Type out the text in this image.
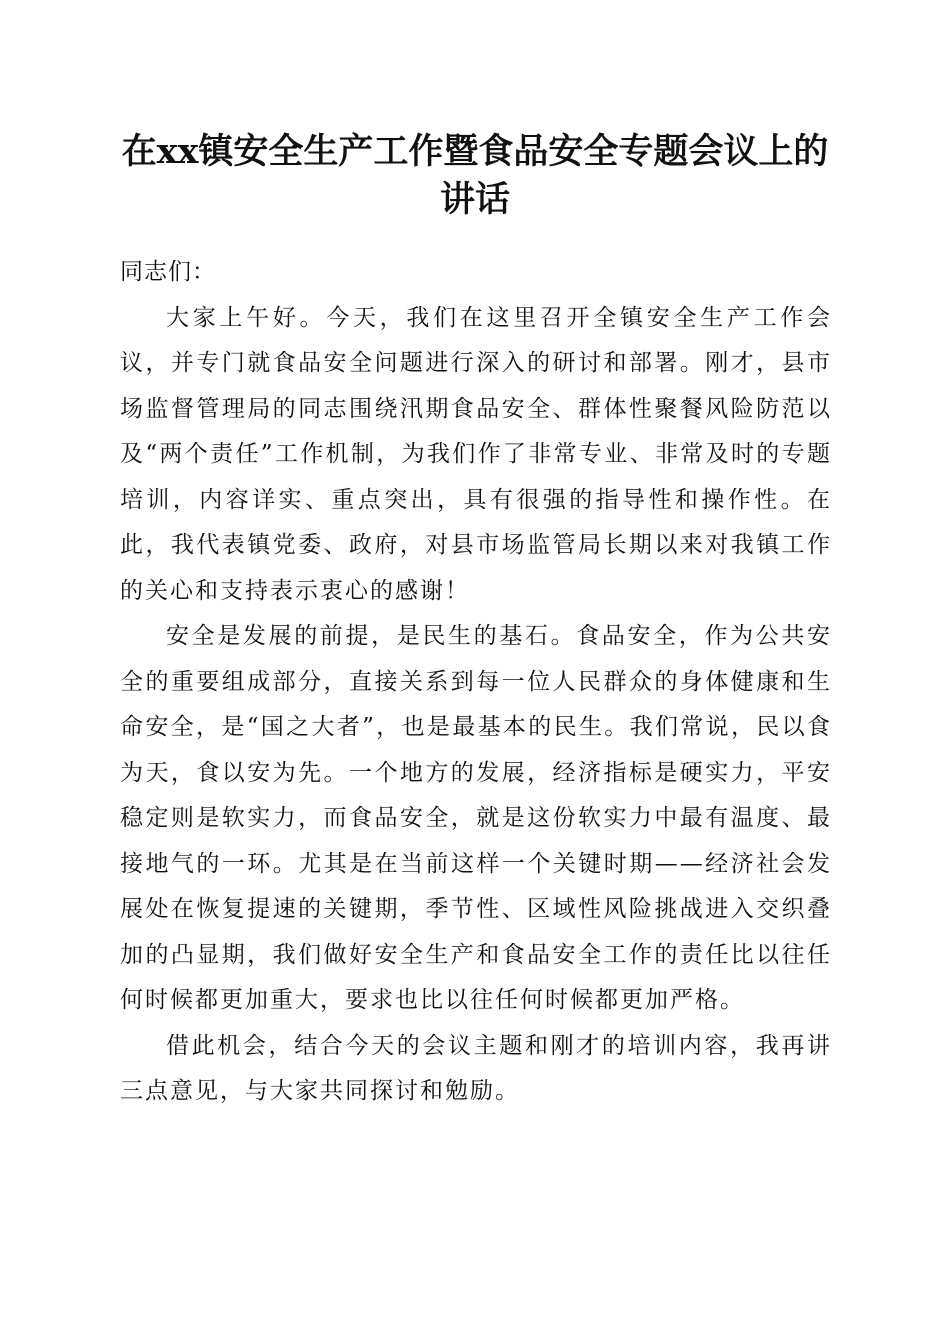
在xx镇安全生产工作暨食品安全专题会议上的讲话

同志们：

大家上午好。今天，我们在这里召开全镇安全生产工作会议，并专门就食品安全问题进行深入的研讨和部署。刚才，县市场监督管理局的同志围绕汛期食品安全、群体性聚餐风险防范以及“两个责任”工作机制，为我们作了非常专业、非常及时的专题培训，内容详实、重点突出，具有很强的指导性和操作性。在此，我代表镇党委、政府，对县市场监管局长期以来对我镇工作的关心和支持表示衷心的感谢！

安全是发展的前提，是民生的基石。食品安全，作为公共安全的重要组成部分，直接关系到每一位人民群众的身体健康和生命安全，是“国之大者”，也是最基本的民生。我们常说，民以食为天，食以安为先。一个地方的发展，经济指标是硬实力，平安稳定则是软实力，而食品安全，就是这份软实力中最有温度、最接地气的一环。尤其是在当前这样一个关键时期——经济社会发展处在恢复提速的关键期，季节性、区域性风险挑战进入交织叠加的凸显期，我们做好安全生产和食品安全工作的责任比以往任何时候都更加重大，要求也比以往任何时候都更加严格。

借此机会，结合今天的会议主题和刚才的培训内容，我再讲三点意见，与大家共同探讨和勉励。
